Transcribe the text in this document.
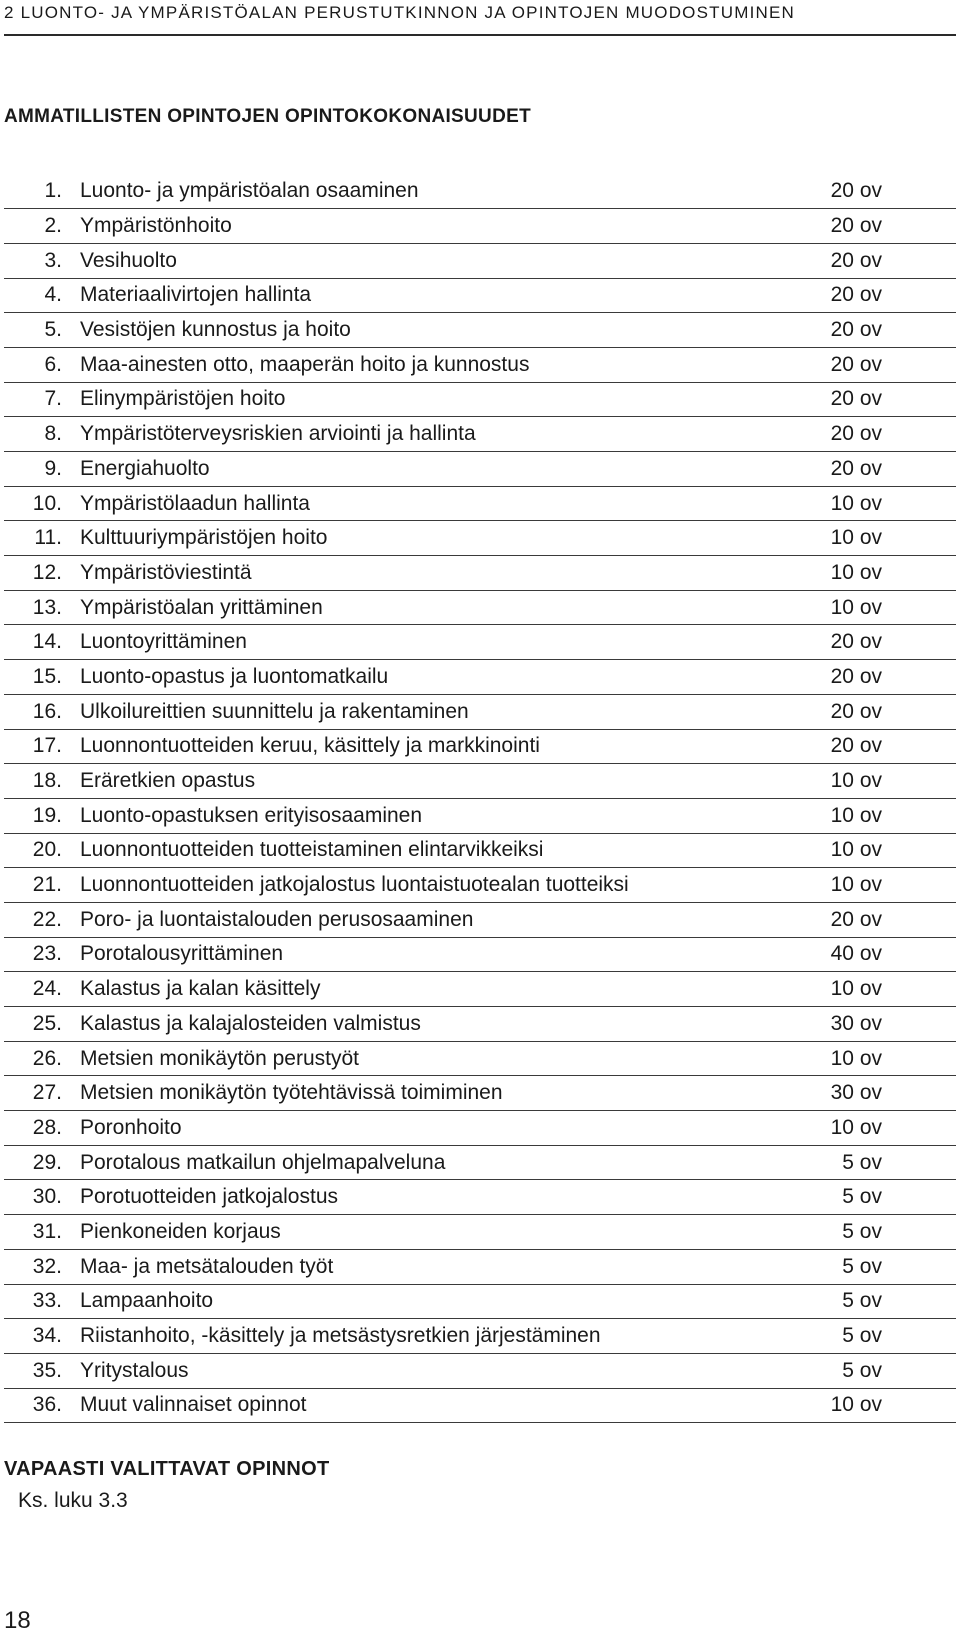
2 LUONTO- JA YMPÄRISTÖALAN PERUSTUTKINNON JA OPINTOJEN MUODOSTUMINEN
AMMATILLISTEN OPINTOJEN OPINTOKOKONAISUUDET
1.	Luonto- ja ympäristöalan osaaminen	20 ov
2.	Ympäristönhoito	20 ov
3.	Vesihuolto	20 ov
4.	Materiaalivirtojen hallinta	20 ov
5.	Vesistöjen kunnostus ja hoito	20 ov
6.	Maa-ainesten otto, maaperän hoito ja kunnostus	20 ov
7.	Elinympäristöjen hoito	20 ov
8.	Ympäristöterveysriskien arviointi ja hallinta	20 ov
9.	Energiahuolto	20 ov
10.	Ympäristölaadun hallinta	10 ov
11.	Kulttuuriympäristöjen hoito	10 ov
12.	Ympäristöviestintä	10 ov
13.	Ympäristöalan yrittäminen	10 ov
14.	Luontoyrittäminen	20 ov
15.	Luonto-opastus ja luontomatkailu	20 ov
16.	Ulkoilureittien suunnittelu ja rakentaminen	20 ov
17.	Luonnontuotteiden keruu, käsittely ja markkinointi	20 ov
18.	Eräretkien opastus	10 ov
19.	Luonto-opastuksen erityisosaaminen	10 ov
20.	Luonnontuotteiden tuotteistaminen elintarvikkeiksi	10 ov
21.	Luonnontuotteiden jatkojalostus luontaistuotealan tuotteiksi	10 ov
22.	Poro- ja luontaistalouden perusosaaminen	20 ov
23.	Porotalousyrittäminen	40 ov
24.	Kalastus ja kalan käsittely	10 ov
25.	Kalastus ja kalajalosteiden valmistus	30 ov
26.	Metsien monikäytön perustyöt	10 ov
27.	Metsien monikäytön työtehtävissä toimiminen	30 ov
28.	Poronhoito	10 ov
29.	Porotalous matkailun ohjelmapalveluna	5 ov
30.	Porotuotteiden jatkojalostus	5 ov
31.	Pienkoneiden korjaus	5 ov
32.	Maa- ja metsätalouden työt	5 ov
33.	Lampaanhoito	5 ov
34.	Riistanhoito, -käsittely ja metsästysretkien järjestäminen	5 ov
35.	Yritystalous	5 ov
36.	Muut valinnaiset opinnot	10 ov
VAPAASTI VALITTAVAT OPINNOT
Ks. luku 3.3
18
